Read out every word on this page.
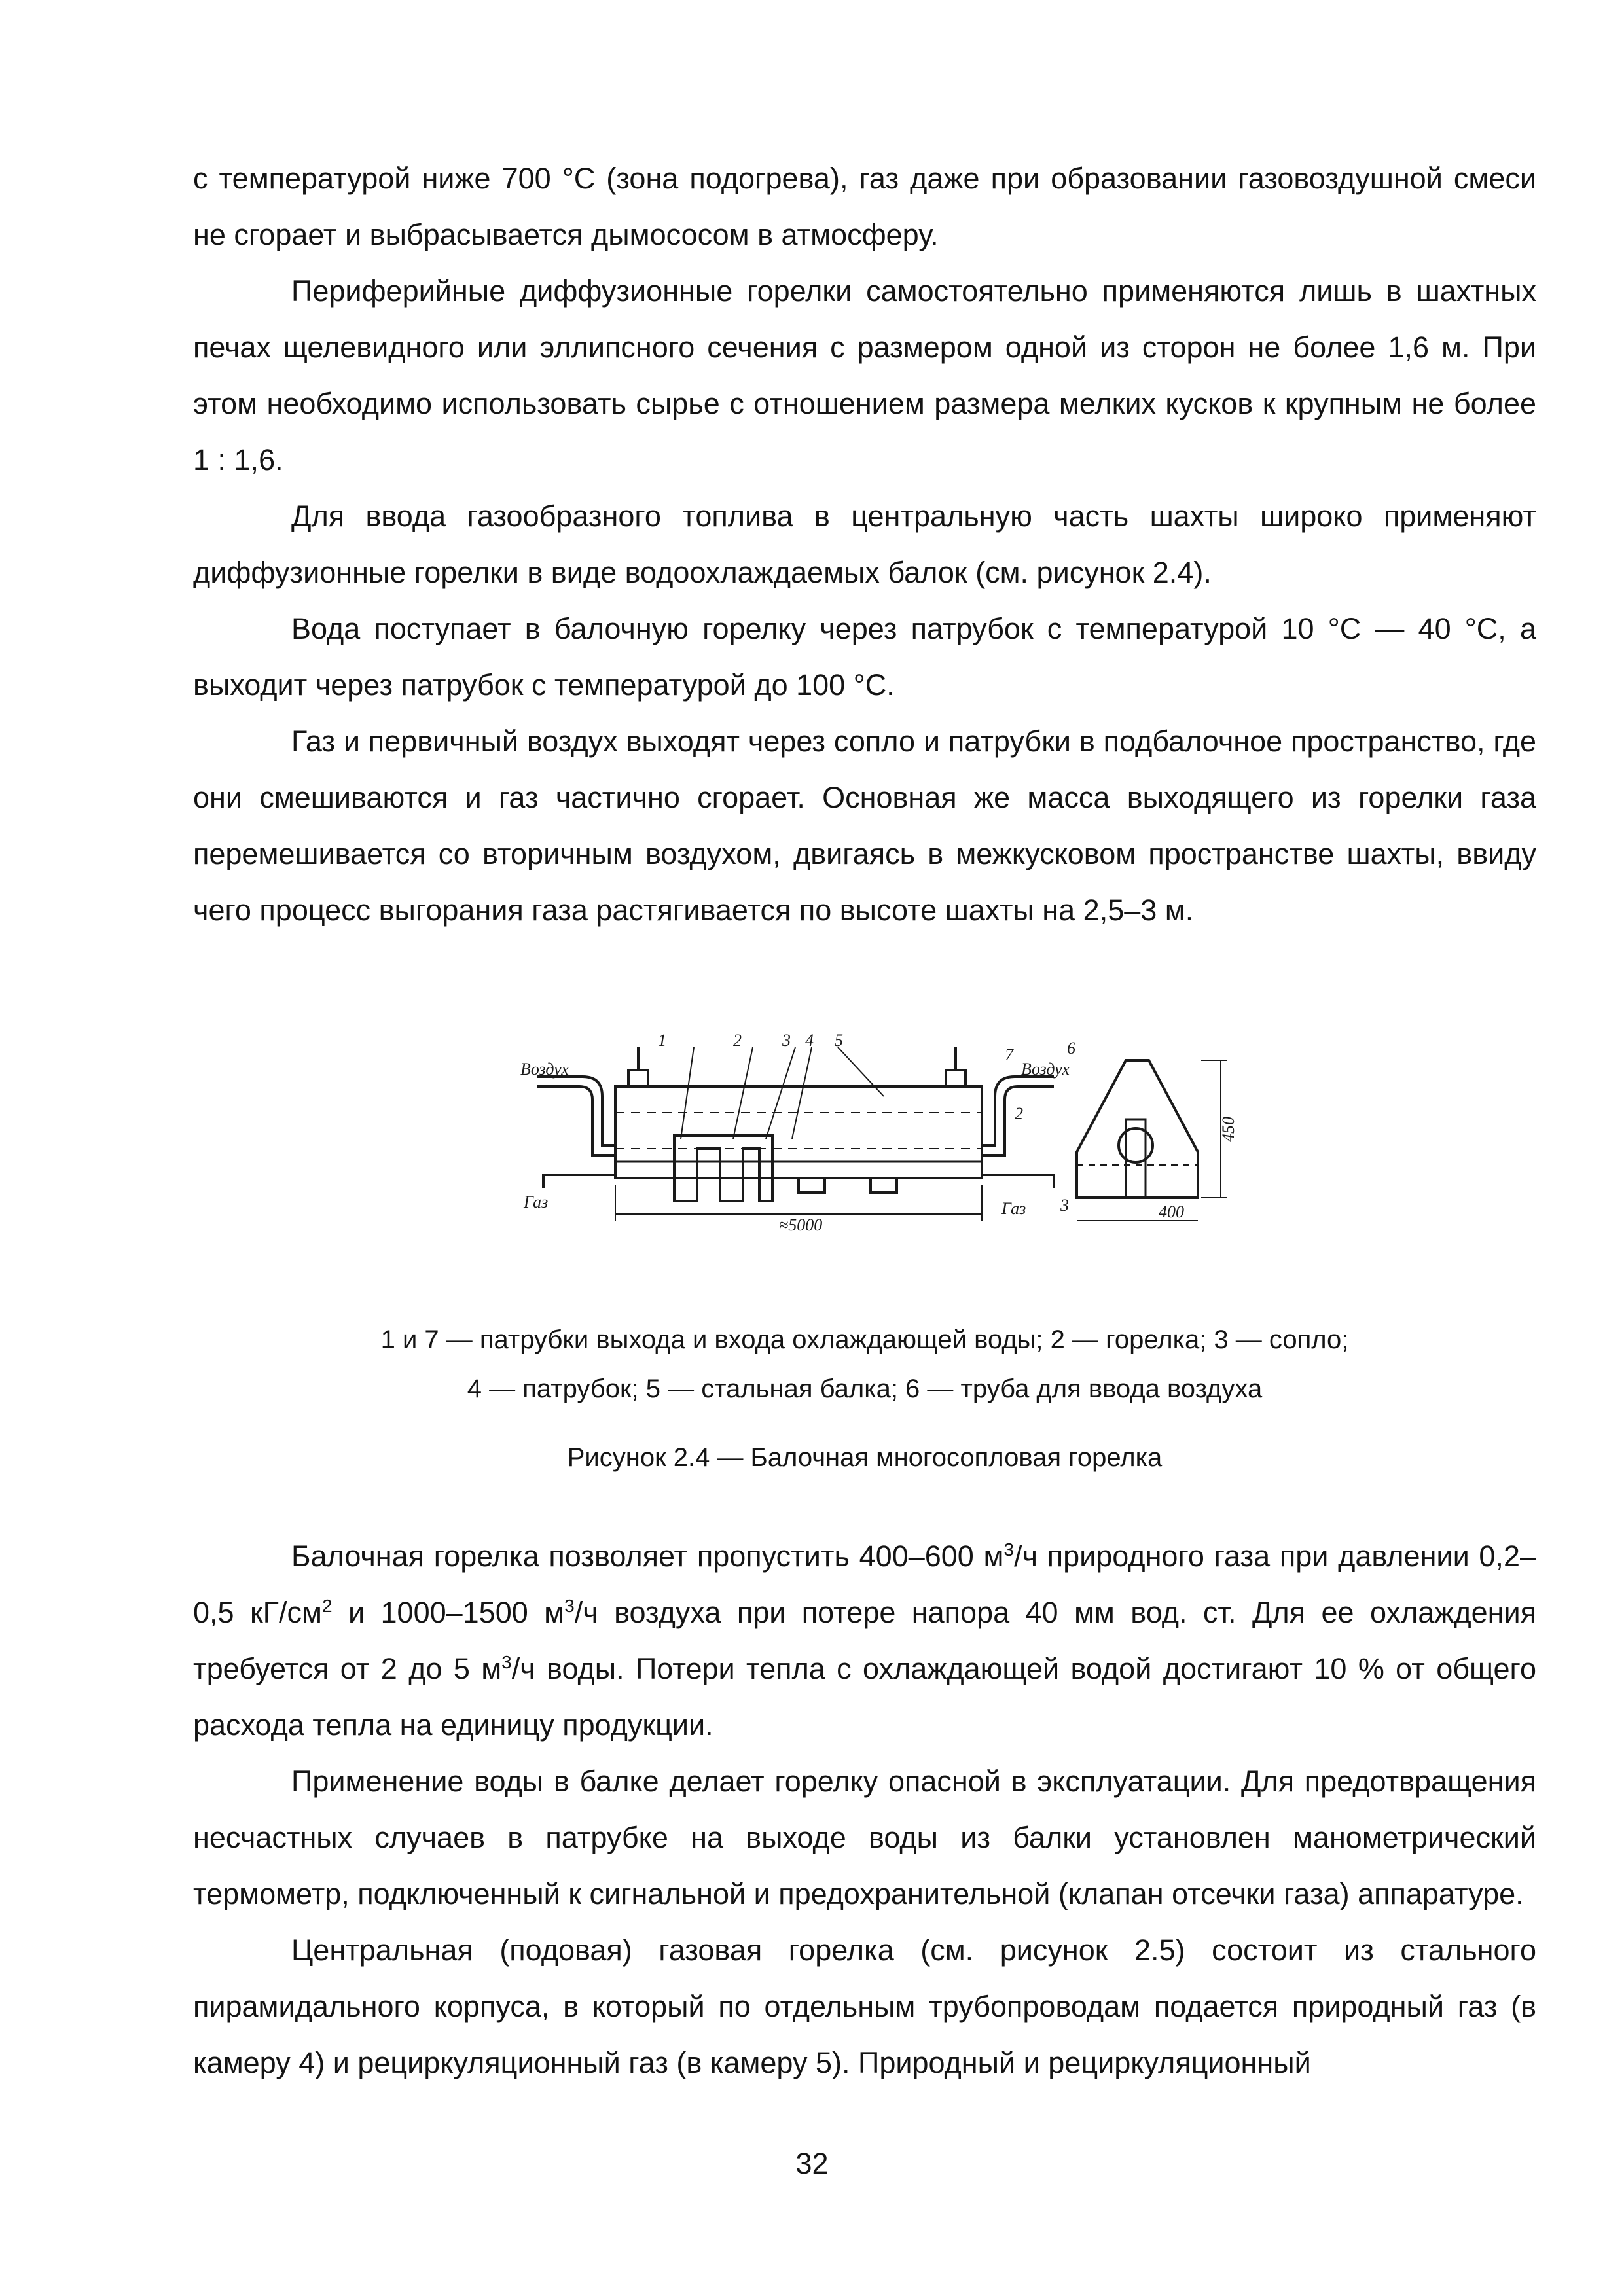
с температурой ниже 700 °С (зона подогрева), газ даже при образовании газовоздушной смеси не сгорает и выбрасывается дымососом в атмосферу.

Периферийные диффузионные горелки самостоятельно применяются лишь в шахтных печах щелевидного или эллипсного сечения с размером одной из сторон не более 1,6 м. При этом необходимо использовать сырье с отношением размера мелких кусков к крупным не более 1 : 1,6.

Для ввода газообразного топлива в центральную часть шахты широко применяют диффузионные горелки в виде водоохлаждаемых балок (см. рисунок 2.4).

Вода поступает в балочную горелку через патрубок с температурой 10 °С — 40 °С, а выходит через патрубок с температурой до 100 °С.

Газ и первичный воздух выходят через сопло и патрубки в подбалочное пространство, где они смешиваются и газ частично сгорает. Основная же масса выходящего из горелки газа перемешивается со вторичным воздухом, двигаясь в межкусковом пространстве шахты, ввиду чего процесс выгорания газа растягивается по высоте шахты на 2,5–3 м.

Воздух	Воздух
Газ	Газ
1	2 3 4 5
7	6
2
3
≈5000
400
450

1 и 7 — патрубки выхода и входа охлаждающей воды; 2 — горелка; 3 — сопло;

4 — патрубок; 5 — стальная балка; 6 — труба для ввода воздуха

Рисунок 2.4 — Балочная многосопловая горелка

Балочная горелка позволяет пропустить 400–600 $м^3/ч$ природного газа при давлении 0,2–0,5 $кГ/см^2$ и 1000–1500 $м^3/ч$ воздуха при потере напора 40 мм вод. ст. Для ее охлаждения требуется от 2 до 5 $м^3/ч$ воды. Потери тепла с охлаждающей водой достигают 10 % от общего расхода тепла на единицу продукции.

Применение воды в балке делает горелку опасной в эксплуатации. Для предотвращения несчастных случаев в патрубке на выходе воды из балки установлен манометрический термометр, подключенный к сигнальной и предохранительной (клапан отсечки газа) аппаратуре.

Центральная (подовая) газовая горелка (см. рисунок 2.5) состоит из стального пирамидального корпуса, в который по отдельным трубопроводам подается природный газ (в камеру 4) и рециркуляционный газ (в камеру 5). Природный и рециркуляционный

32
